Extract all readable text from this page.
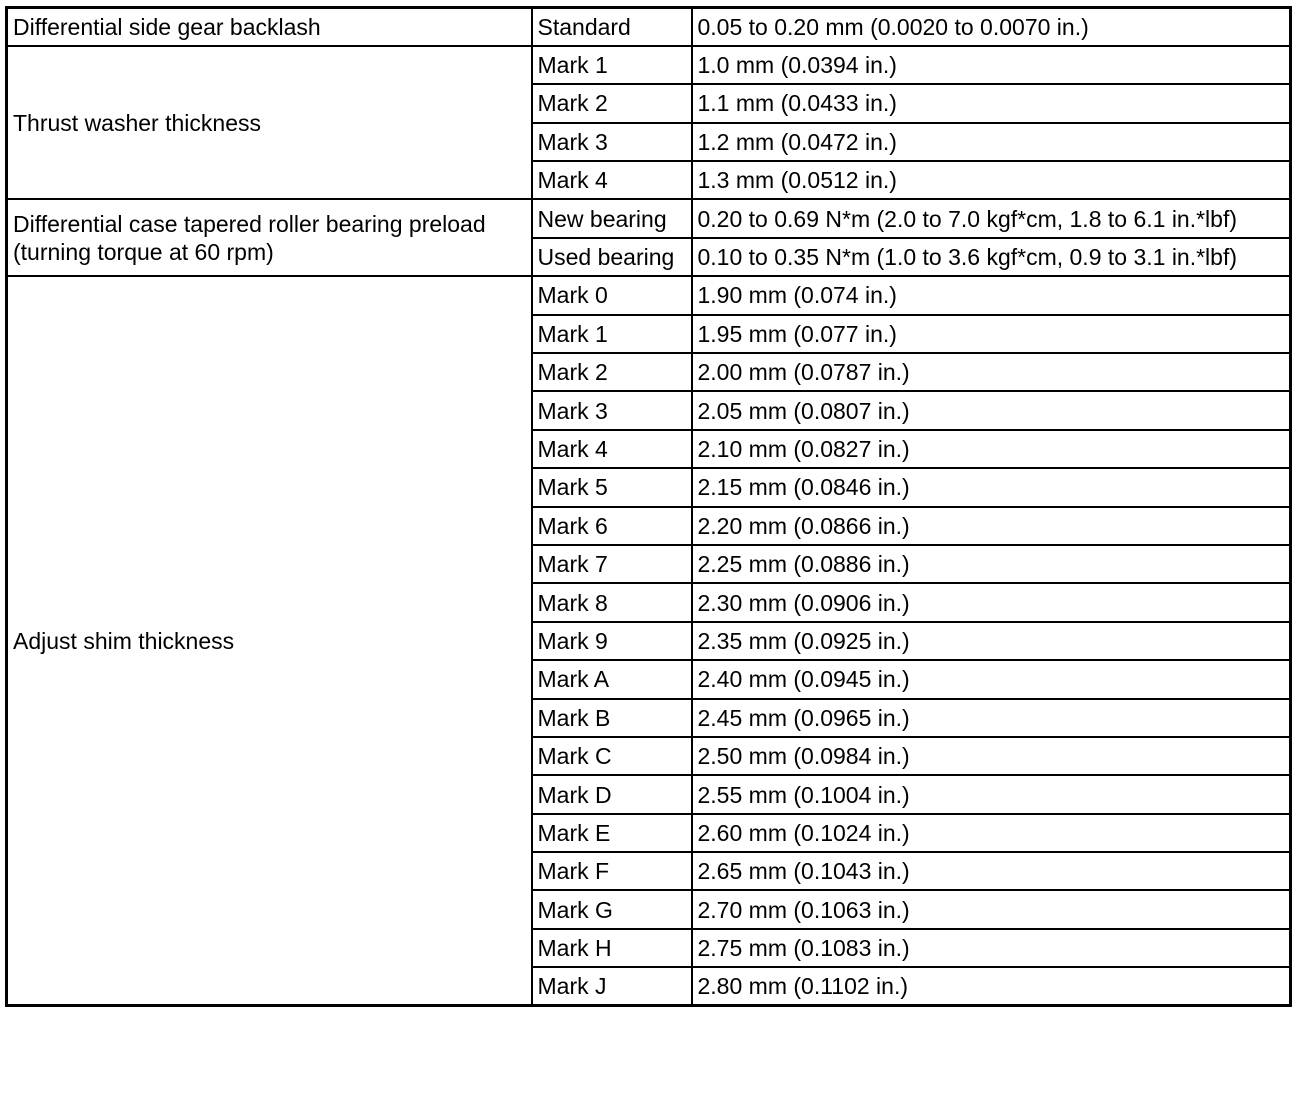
Differential side gear backlash	Standard	0.05 to 0.20 mm (0.0020 to 0.0070 in.)

Thrust washer thickness	Mark 1	1.0 mm (0.0394 in.)
	Mark 2	1.1 mm (0.0433 in.)
	Mark 3	1.2 mm (0.0472 in.)
	Mark 4	1.3 mm (0.0512 in.)

Differential case tapered roller bearing preload
(turning torque at 60 rpm)	New bearing	0.20 to 0.69 N*m (2.0 to 7.0 kgf*cm, 1.8 to 6.1 in.*lbf)
	Used bearing	0.10 to 0.35 N*m (1.0 to 3.6 kgf*cm, 0.9 to 3.1 in.*lbf)

Adjust shim thickness	Mark 0	1.90 mm (0.074 in.)
	Mark 1	1.95 mm (0.077 in.)
	Mark 2	2.00 mm (0.0787 in.)
	Mark 3	2.05 mm (0.0807 in.)
	Mark 4	2.10 mm (0.0827 in.)
	Mark 5	2.15 mm (0.0846 in.)
	Mark 6	2.20 mm (0.0866 in.)
	Mark 7	2.25 mm (0.0886 in.)
	Mark 8	2.30 mm (0.0906 in.)
	Mark 9	2.35 mm (0.0925 in.)
	Mark A	2.40 mm (0.0945 in.)
	Mark B	2.45 mm (0.0965 in.)
	Mark C	2.50 mm (0.0984 in.)
	Mark D	2.55 mm (0.1004 in.)
	Mark E	2.60 mm (0.1024 in.)
	Mark F	2.65 mm (0.1043 in.)
	Mark G	2.70 mm (0.1063 in.)
	Mark H	2.75 mm (0.1083 in.)
	Mark J	2.80 mm (0.1102 in.)
